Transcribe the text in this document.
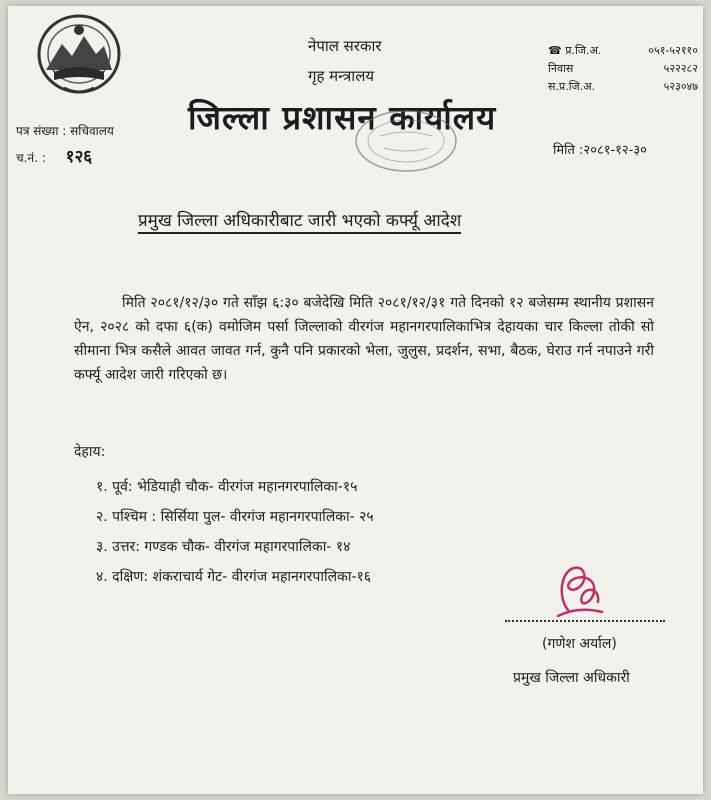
नेपाल सरकार
गृह मन्त्रालय
☎ प्र.जि.अ.	०५१-५२११०
निवास	५२२२८२
स.प्र.जि.अ.	५२३०४७
जिल्ला प्रशासन कार्यालय
पत्र संख्या : सचिवालय
च.नं. : १२६	मिति :२०८१-१२-३०
प्रमुख जिल्ला अधिकारीबाट जारी भएको कर्फ्यू आदेश
मिति २०८१/१२/३० गते साँझ ६:३० बजेदेखि मिति २०८१/१२/३१ गते दिनको १२ बजेसम्म स्थानीय प्रशासन ऐन, २०२८ को दफा ६(क) वमोजिम पर्सा जिल्लाको वीरगंज महानगरपालिकाभित्र देहायका चार किल्ला तोकी सो सीमाना भित्र कसैले आवत जावत गर्न, कुनै पनि प्रकारको भेला, जुलुस, प्रदर्शन, सभा, बैठक, घेराउ गर्न नपाउने गरी कर्फ्यू आदेश जारी गरिएको छ।
देहाय:
१. पूर्व: भेडियाही चौक- वीरगंज महानगरपालिका-१५
२. पश्चिम : सिर्सिया पुल- वीरगंज महानगरपालिका- २५
३. उत्तर: गण्डक चौक- वीरगंज महागरपालिका- १४
४. दक्षिण: शंकराचार्य गेट- वीरगंज महानगरपालिका-१६
(गणेश अर्याल)
प्रमुख जिल्ला अधिकारी
